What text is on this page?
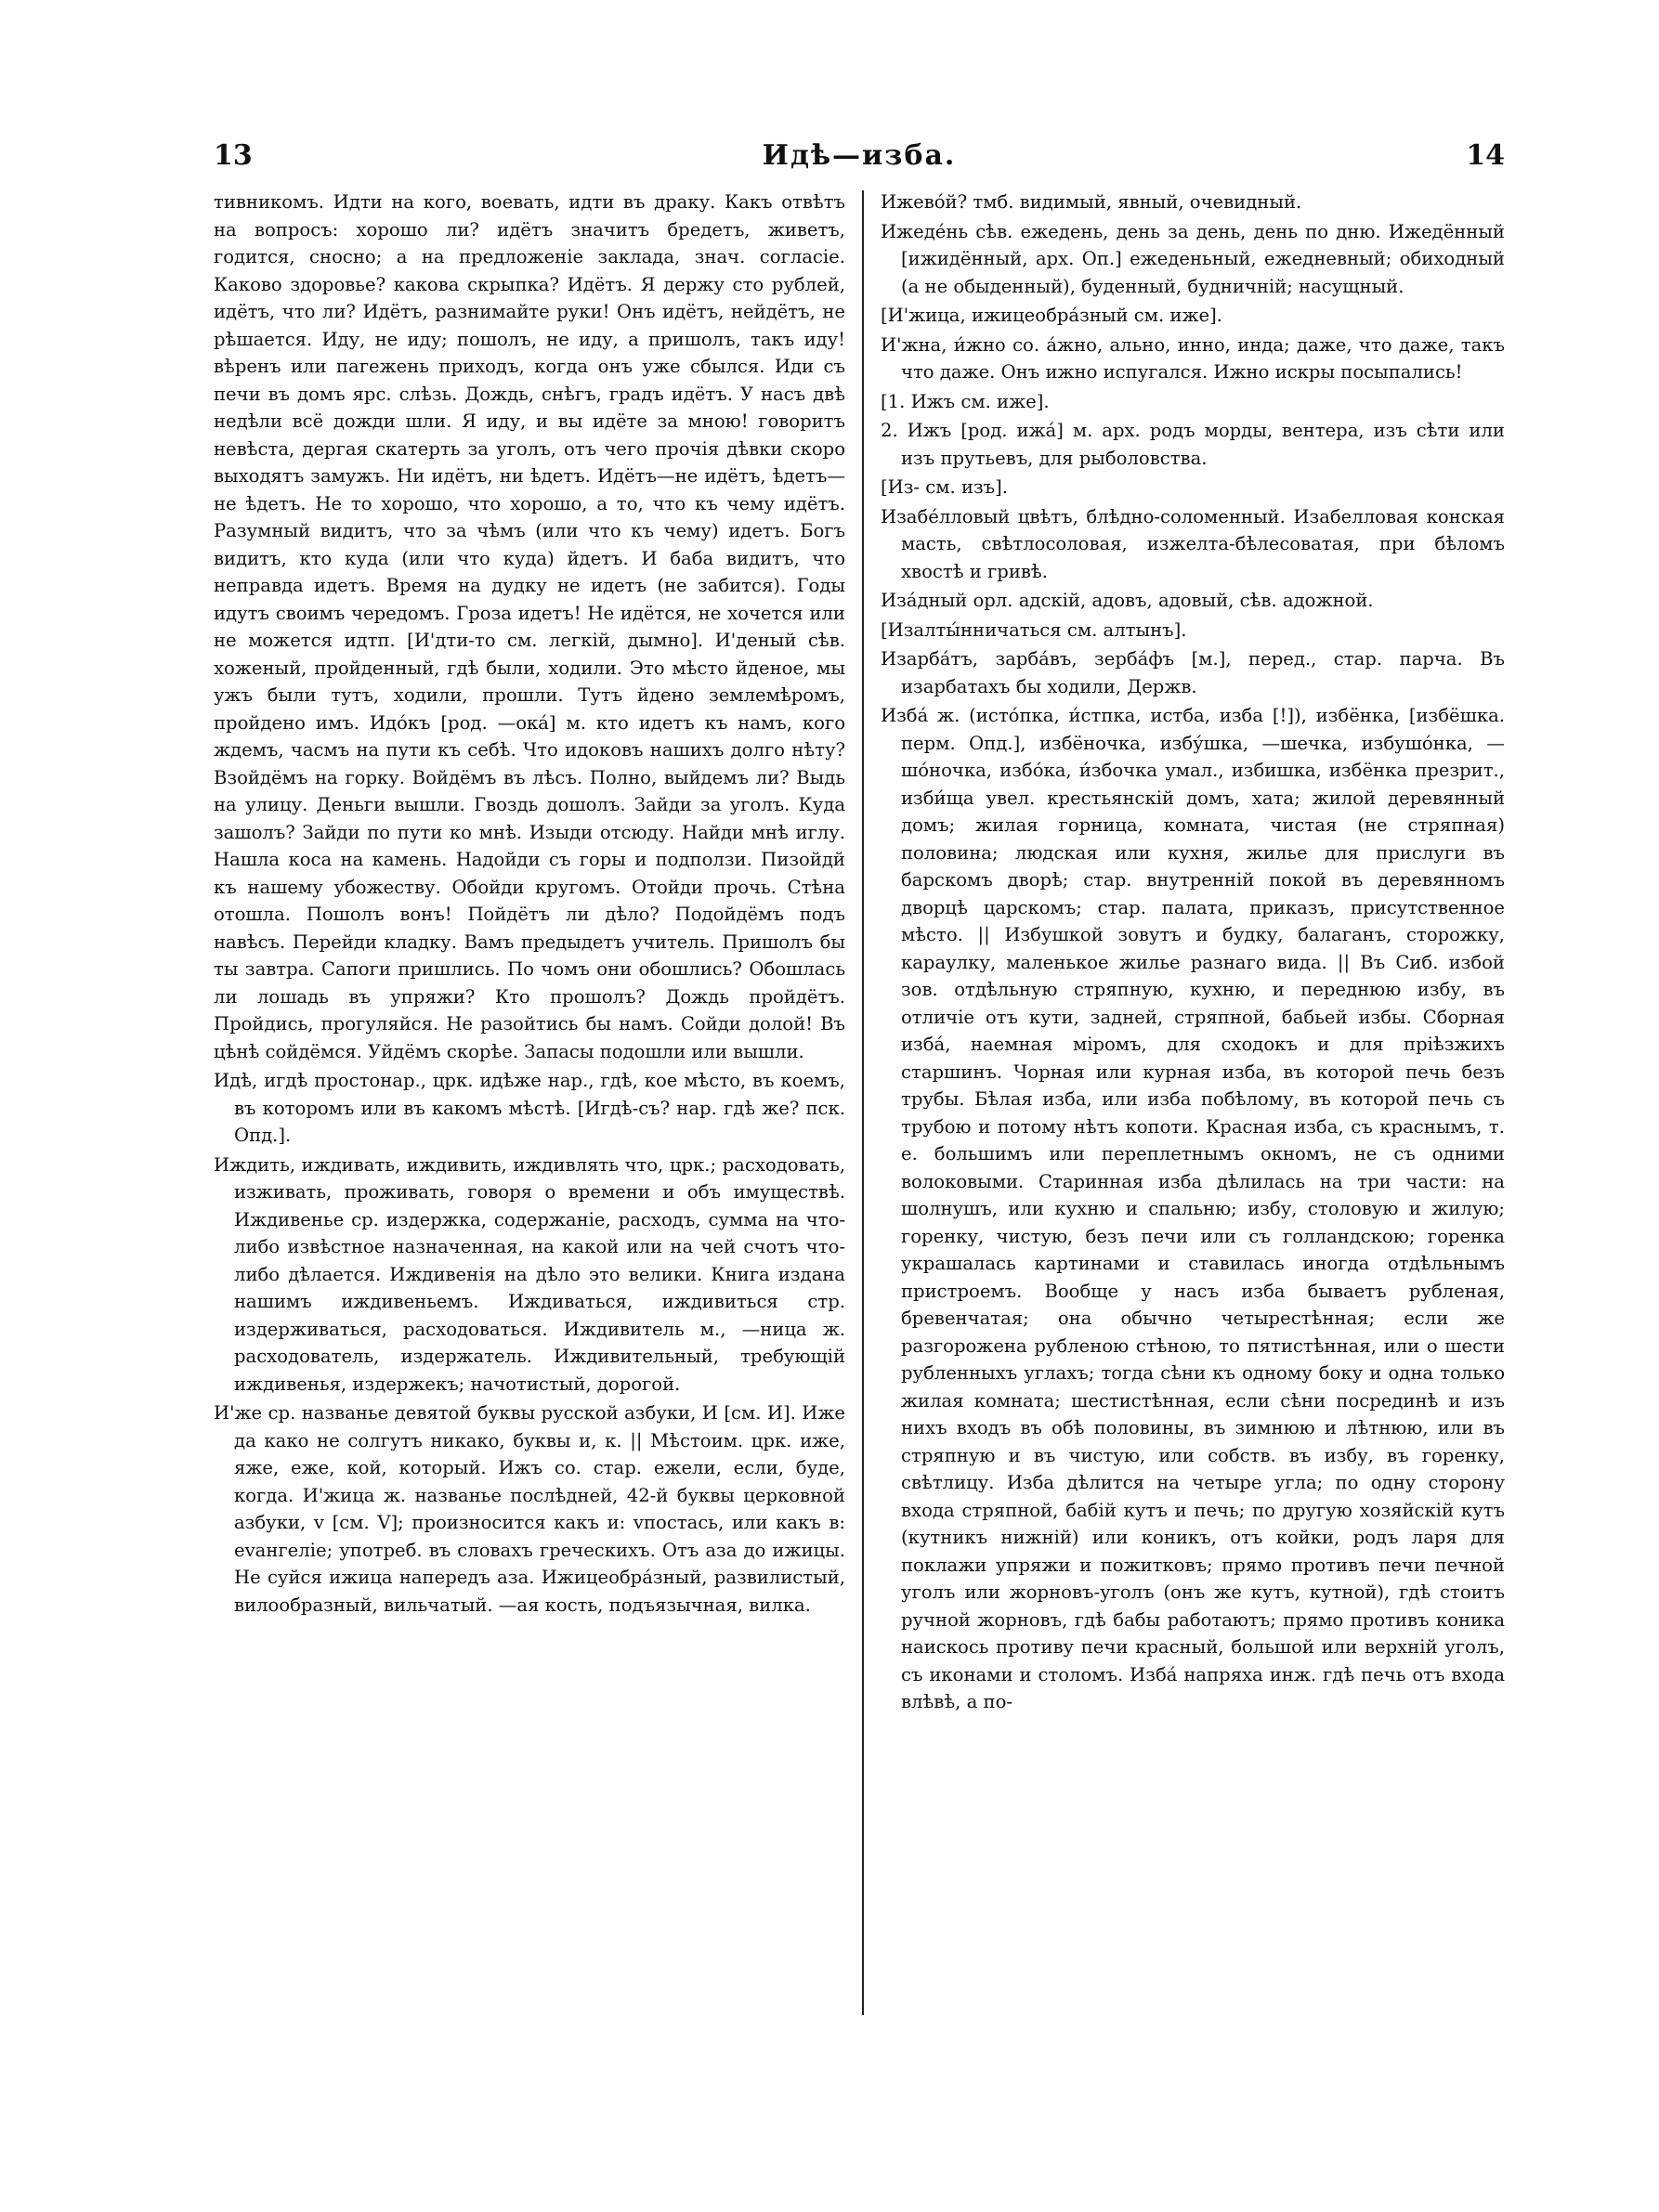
13	Идѣ—изба.	14

тивникомъ. Идти на кого, воевать, идти въ драку. Какъ отвѣтъ на вопросъ: хорошо ли? идётъ значитъ бредетъ, живетъ, годится, сносно; а на предложеніе заклада, знач. согласіе. Каково здоровье? какова скрыпка? Идётъ. Я держу сто рублей, идётъ, что ли? Идётъ, разнимайте руки! Онъ идётъ, нейдётъ, не рѣшается. Иду, не иду; пошолъ, не иду, а пришолъ, такъ иду! вѣренъ или пагежень приходъ, когда онъ уже сбылся. Иди съ печи въ домъ ярс. слѣзь. Дождь, снѣгъ, градъ идётъ. У насъ двѣ недѣли всё дожди шли. Я иду, и вы идёте за мною! говоритъ невѣста, дергая скатерть за уголъ, отъ чего прочія дѣвки скоро выходятъ замужъ. Ни идётъ, ни ѣдетъ. Идётъ—не идётъ, ѣдетъ—не ѣдетъ. Не то хорошо, что хорошо, а то, что къ чему идётъ. Разумный видитъ, что за чѣмъ (или что къ чему) идетъ. Богъ видитъ, кто куда (или что куда) йдетъ. И баба видитъ, что неправда идетъ. Время на дудку не идетъ (не забится). Годы идутъ своимъ чередомъ. Гроза идетъ! Не идётся, не хочется или не можется идтп. [И'дти-то см. легкій, дымно]. И'деный сѣв. хоженый, пройденный, гдѣ были, ходили. Это мѣсто йденое, мы ужъ были тутъ, ходили, прошли. Тутъ йдено землемѣромъ, пройдено имъ. Идо́къ [род. —ока́] м. кто идетъ къ намъ, кого ждемъ, часмъ на пути къ себѣ. Что идоковъ нашихъ долго нѣту? Взойдёмъ на горку. Войдёмъ въ лѣсъ. Полно, выйдемъ ли? Выдь на улицу. Деньги вышли. Гвоздь дошолъ. Зайди за уголъ. Куда зашолъ? Зайди по пути ко мнѣ. Изыди отсюду. Найди мнѣ иглу. Нашла коса на камень. Надойди съ горы и подползи. Пизойдй къ нашему убожеству. Обойди кругомъ. Отойди прочь. Стѣна отошла. Пошолъ вонъ! Пойдётъ ли дѣло? Подойдёмъ подъ навѣсъ. Перейди кладку. Вамъ предыдетъ учитель. Пришолъ бы ты завтра. Сапоги пришлись. По чомъ они обошлись? Обошлась ли лошадь въ упряжи? Кто прошолъ? Дождь пройдётъ. Пройдись, прогуляйся. Не разойтись бы намъ. Сойди долой! Въ цѣнѣ сойдёмся. Уйдёмъ скорѣе. Запасы подошли или вышли.

Идѣ, игдѣ простонар., црк. идѣже нар., гдѣ, кое мѣсто, въ коемъ, въ которомъ или въ какомъ мѣстѣ. [Игдѣ-съ? нар. гдѣ же? пск. Опд.].

Иждить, иждивать, иждивить, иждивлять что, црк.; расходовать, изживать, проживать, говоря о времени и объ имуществѣ. Иждивенье ср. издержка, содержаніе, расходъ, сумма на что-либо извѣстное назначенная, на какой или на чей счотъ что-либо дѣлается. Иждивенія на дѣло это велики. Книга издана нашимъ иждивеньемъ. Иждиваться, иждивиться стр. издерживаться, расходоваться. Иждивитель м., —ница ж. расходователь, издержатель. Иждивительный, требующій иждивенья, издержекъ; начотистый, дорогой.

И'же ср. названье девятой буквы русской азбуки, И [см. И]. Иже да како не солгутъ никако, буквы и, к. || Мѣстоим. црк. иже, яже, еже, кой, который. Ижъ со. стар. ежели, если, буде, когда. И'жица ж. названье послѣдней, 42-й буквы церковной азбуки, v [см. V]; произносится какъ и: vпостась, или какъ в: еvангеліе; употреб. въ словахъ греческихъ. Отъ аза до ижицы. Не суйся ижица напередъ аза. Ижицеобра́зный, развилистый, вилообразный, вильчатый. —ая кость, подъязычная, вилка.

Ижево́й? тмб. видимый, явный, очевидный.

Ижеде́нь сѣв. ежедень, день за день, день по дню. Ижедённый [ижидённый, арх. Оп.] ежеденьный, ежедневный; обиходный (а не обыденный), буденный, будничній; насущный.

[И'жица, ижицеобра́зный см. иже].

И'жна, и́жно со. а́жно, ально, инно, инда; даже, что даже, такъ что даже. Онъ ижно испугался. Ижно искры посыпались!

[1. Ижъ см. иже].

2. Ижъ [род. ижа́] м. арх. родъ морды, вентера, изъ сѣти или изъ прутьевъ, для рыболовства.

[Из- см. изъ].

Изабе́лловый цвѣтъ, блѣдно-соломенный. Изабелловая конская масть, свѣтлосоловая, изжелта-бѣлесоватая, при бѣломъ хвостѣ и гривѣ.

Иза́дный орл. адскій, адовъ, адовый, сѣв. адожной.

[Изалты́нничаться см. алтынъ].

Изарба́тъ, зарба́въ, зерба́фъ [м.], перед., стар. парча. Въ изарбатахъ бы ходили, Держв.

Изба́ ж. (исто́пка, и́стпка, истба, изба [!]), избёнка, [избёшка. перм. Опд.], избёночка, избу́шка, —шечка, избушо́нка, —шо́ночка, избо́ка, и́збочка умал., избишка, избёнка презрит., изби́ща увел. крестьянскій домъ, хата; жилой деревянный домъ; жилая горница, комната, чистая (не стряпная) половина; людская или кухня, жилье для прислуги въ барскомъ дворѣ; стар. внутренній покой въ деревянномъ дворцѣ царскомъ; стар. палата, приказъ, присутственное мѣсто. || Избушкой зовутъ и будку, балаганъ, сторожку, караулку, маленькое жилье разнаго вида. || Въ Сиб. избой зов. отдѣльную стряпную, кухню, и переднюю избу, въ отличіе отъ кути, задней, стряпной, бабьей избы. Сборная изба́, наемная міромъ, для сходокъ и для пріѣзжихъ старшинъ. Чорная или курная изба, въ которой печь безъ трубы. Бѣлая изба, или изба побѣлому, въ которой печь съ трубою и потому нѣтъ копоти. Красная изба, съ краснымъ, т. е. большимъ или переплетнымъ окномъ, не съ одними волоковыми. Старинная изба дѣлилась на три части: на шолнушъ, или кухню и спальню; избу, столовую и жилую; горенку, чистую, безъ печи или съ голландскою; горенка украшалась картинами и ставилась иногда отдѣльнымъ пристроемъ. Вообще у насъ изба бываетъ рубленая, бревенчатая; она обычно четырестѣнная; если же разгорожена рубленою стѣною, то пятистѣнная, или о шести рубленныхъ углахъ; тогда сѣни къ одному боку и одна только жилая комната; шестистѣнная, если сѣни посрединѣ и изъ нихъ входъ въ обѣ половины, въ зимнюю и лѣтнюю, или въ стряпную и въ чистую, или собств. въ избу, въ горенку, свѣтлицу. Изба дѣлится на четыре угла; по одну сторону входа стряпной, бабій кутъ и печь; по другую хозяйскій кутъ (кутникъ нижній) или коникъ, отъ койки, родъ ларя для поклажи упряжи и пожитковъ; прямо противъ печи печной уголъ или жорновъ-уголъ (онъ же кутъ, кутной), гдѣ стоитъ ручной жорновъ, гдѣ бабы работаютъ; прямо противъ коника наискось противу печи красный, большой или верхній уголъ, съ иконами и столомъ. Изба́ напряха инж. гдѣ печь отъ входа влѣвѣ, а по-
